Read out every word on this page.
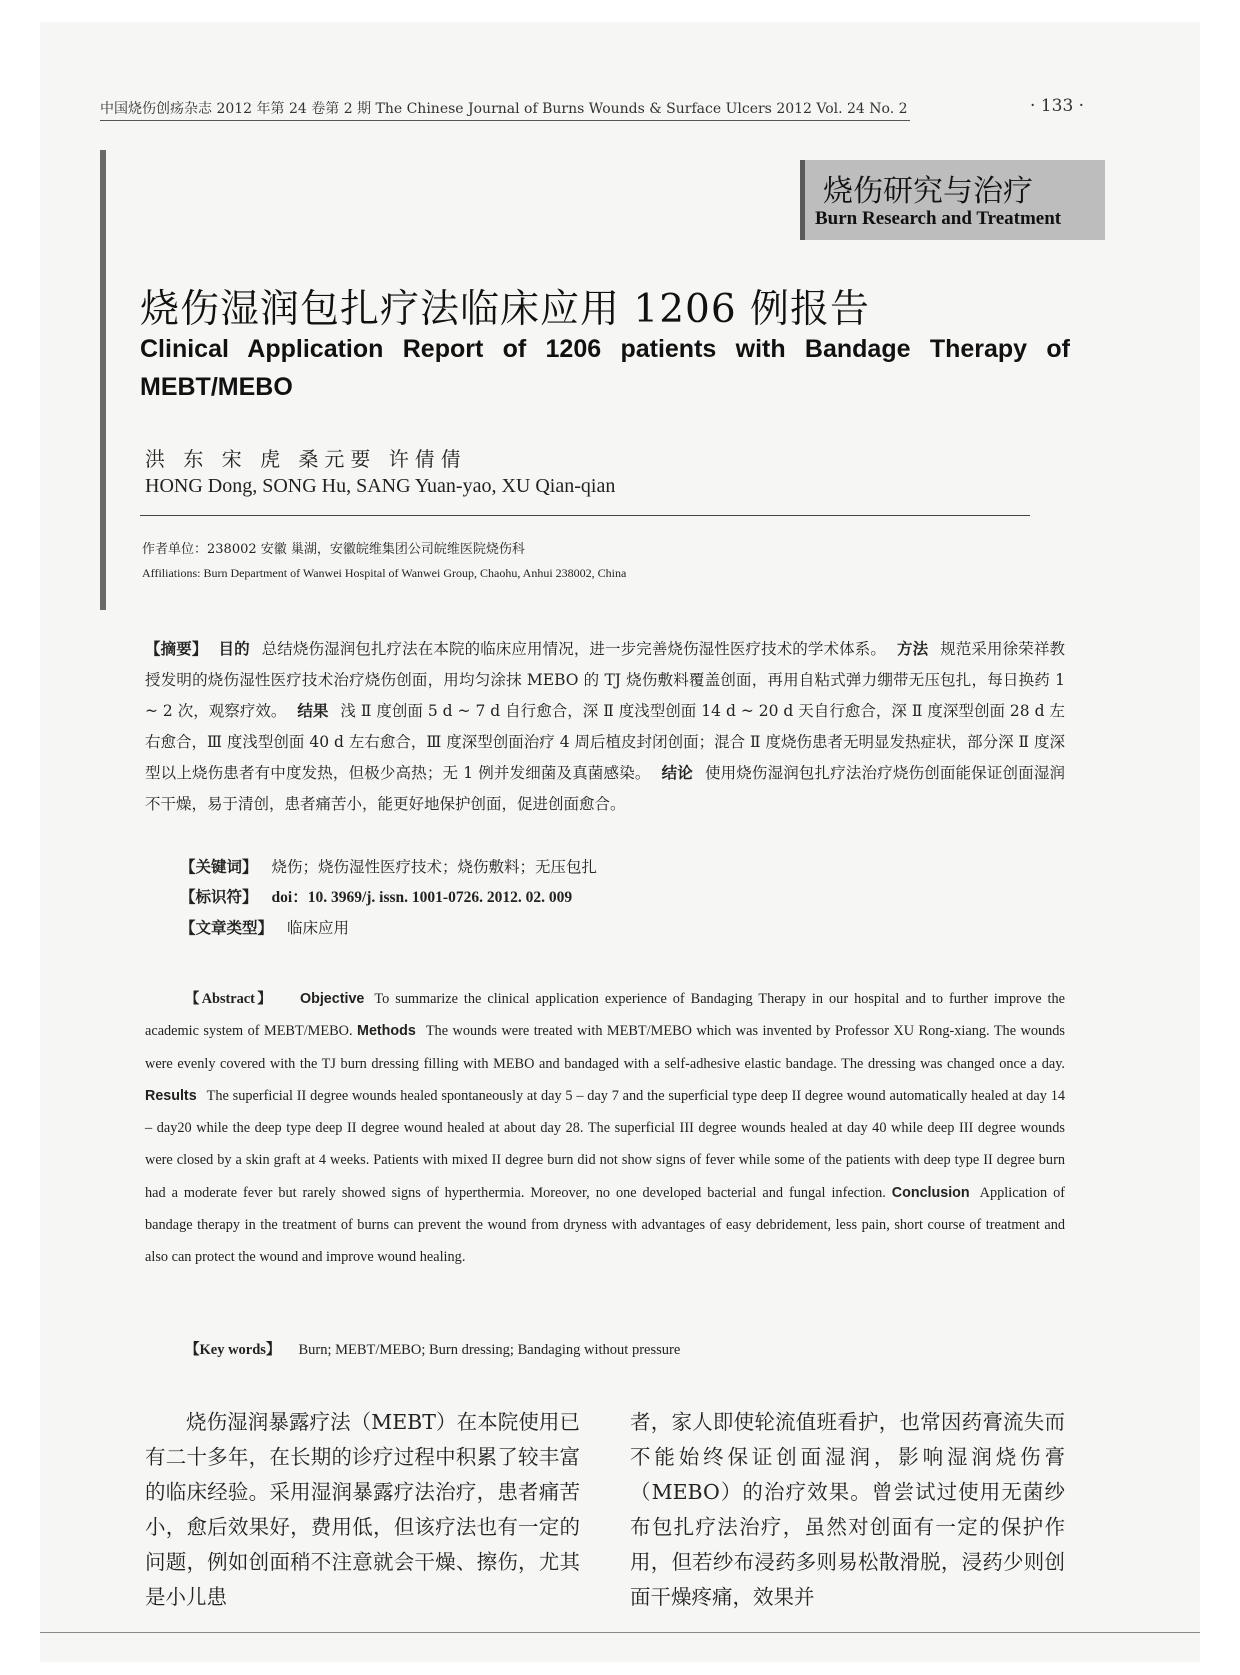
中国烧伤创疡杂志 2012 年第 24 卷第 2 期 The Chinese Journal of Burns Wounds & Surface Ulcers 2012 Vol. 24 No. 2	· 133 ·
烧伤研究与治疗
Burn Research and Treatment
烧伤湿润包扎疗法临床应用 1206 例报告
Clinical Application Report of 1206 patients with Bandage Therapy of MEBT/MEBO
洪 东 宋 虎 桑元要 许倩倩
HONG Dong, SONG Hu, SANG Yuan-yao, XU Qian-qian
作者单位：238002 安徽 巢湖，安徽皖维集团公司皖维医院烧伤科
Affiliations: Burn Department of Wanwei Hospital of Wanwei Group, Chaohu, Anhui 238002, China
【摘要】 目的 总结烧伤湿润包扎疗法在本院的临床应用情况，进一步完善烧伤湿性医疗技术的学术体系。 方法 规范采用徐荣祥教授发明的烧伤湿性医疗技术治疗烧伤创面，用均匀涂抹 MEBO 的 TJ 烧伤敷料覆盖创面，再用自粘式弹力绷带无压包扎，每日换药 1 ~ 2 次，观察疗效。 结果 浅 Ⅱ 度创面 5 d ~ 7 d 自行愈合，深 Ⅱ 度浅型创面 14 d ~ 20 d 天自行愈合，深 Ⅱ 度深型创面 28 d 左右愈合，Ⅲ 度浅型创面 40 d 左右愈合，Ⅲ 度深型创面治疗 4 周后植皮封闭创面；混合 Ⅱ 度烧伤患者无明显发热症状，部分深 Ⅱ 度深型以上烧伤患者有中度发热，但极少高热；无 1 例并发细菌及真菌感染。 结论 使用烧伤湿润包扎疗法治疗烧伤创面能保证创面湿润不干燥，易于清创，患者痛苦小，能更好地保护创面，促进创面愈合。
【关键词】 烧伤；烧伤湿性医疗技术；烧伤敷料；无压包扎
【标识符】 doi：10. 3969/j. issn. 1001-0726. 2012. 02. 009
【文章类型】 临床应用
【Abstract】 Objective To summarize the clinical application experience of Bandaging Therapy in our hospital and to further improve the academic system of MEBT/MEBO. Methods The wounds were treated with MEBT/MEBO which was invented by Professor XU Rong-xiang. The wounds were evenly covered with the TJ burn dressing filling with MEBO and bandaged with a self-adhesive elastic bandage. The dressing was changed once a day. Results The superficial II degree wounds healed spontaneously at day 5 – day 7 and the superficial type deep II degree wound automatically healed at day 14 – day20 while the deep type deep II degree wound healed at about day 28. The superficial III degree wounds healed at day 40 while deep III degree wounds were closed by a skin graft at 4 weeks. Patients with mixed II degree burn did not show signs of fever while some of the patients with deep type II degree burn had a moderate fever but rarely showed signs of hyperthermia. Moreover, no one developed bacterial and fungal infection. Conclusion Application of bandage therapy in the treatment of burns can prevent the wound from dryness with advantages of easy debridement, less pain, short course of treatment and also can protect the wound and improve wound healing.
【Key words】 Burn; MEBT/MEBO; Burn dressing; Bandaging without pressure
烧伤湿润暴露疗法（MEBT）在本院使用已有二十多年，在长期的诊疗过程中积累了较丰富的临床经验。采用湿润暴露疗法治疗，患者痛苦小，愈后效果好，费用低，但该疗法也有一定的问题，例如创面稍不注意就会干燥、擦伤，尤其是小儿患
者，家人即使轮流值班看护，也常因药膏流失而不能始终保证创面湿润，影响湿润烧伤膏（MEBO）的治疗效果。曾尝试过使用无菌纱布包扎疗法治疗，虽然对创面有一定的保护作用，但若纱布浸药多则易松散滑脱，浸药少则创面干燥疼痛，效果并
